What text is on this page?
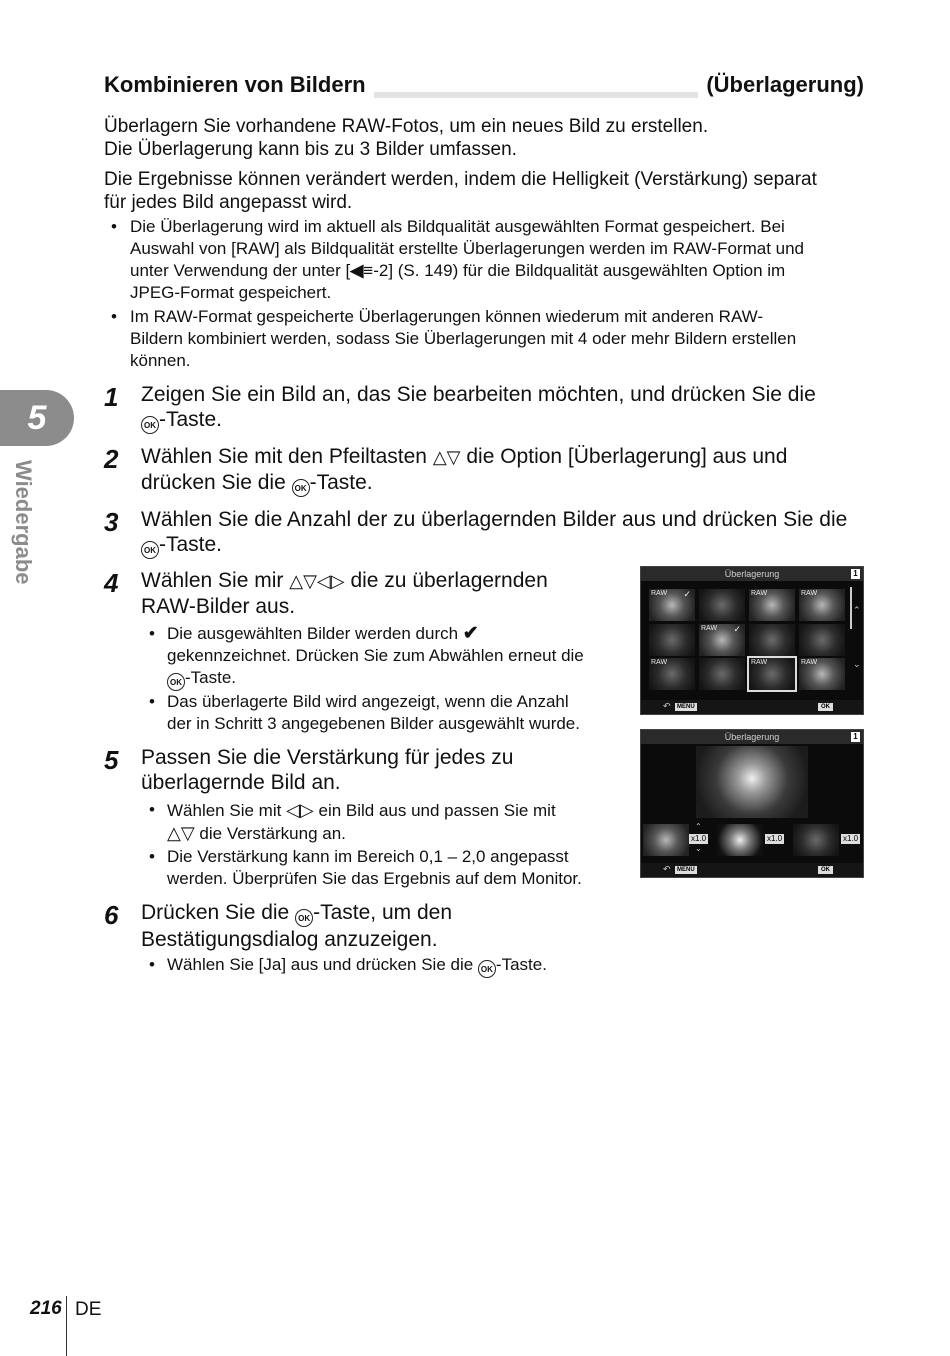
Kombinieren von Bildern	(Überlagerung)
Überlagern Sie vorhandene RAW-Fotos, um ein neues Bild zu erstellen.
Die Überlagerung kann bis zu 3 Bilder umfassen.
Die Ergebnisse können verändert werden, indem die Helligkeit (Verstärkung) separat
für jedes Bild angepasst wird.
• Die Überlagerung wird im aktuell als Bildqualität ausgewählten Format gespeichert. Bei
Auswahl von [RAW] als Bildqualität erstellte Überlagerungen werden im RAW-Format und
unter Verwendung der unter [◀≡-2] (S. 149) für die Bildqualität ausgewählten Option im
JPEG-Format gespeichert.
• Im RAW-Format gespeicherte Überlagerungen können wiederum mit anderen RAW-
Bildern kombiniert werden, sodass Sie Überlagerungen mit 4 oder mehr Bildern erstellen
können.
5
Wiedergabe
1 Zeigen Sie ein Bild an, das Sie bearbeiten möchten, und drücken Sie die
OK -Taste.
2 Wählen Sie mit den Pfeiltasten △▽ die Option [Überlagerung] aus und
drücken Sie die OK -Taste.
3 Wählen Sie die Anzahl der zu überlagernden Bilder aus und drücken Sie die
OK -Taste.
4 Wählen Sie mir △▽◁▷ die zu überlagernden
RAW-Bilder aus.
• Die ausgewählten Bilder werden durch ✔
gekennzeichnet. Drücken Sie zum Abwählen erneut die
OK -Taste.
• Das überlagerte Bild wird angezeigt, wenn die Anzahl
der in Schritt 3 angegebenen Bilder ausgewählt wurde.
Überlagerung	1
RAW ✓	RAW	RAW
RAW ✓
RAW	RAW	RAW
⌃
⌄
↶	MENU	OK
5 Passen Sie die Verstärkung für jedes zu
überlagernde Bild an.
• Wählen Sie mit ◁▷ ein Bild aus und passen Sie mit
△▽ die Verstärkung an.
• Die Verstärkung kann im Bereich 0,1 – 2,0 angepasst
werden. Überprüfen Sie das Ergebnis auf dem Monitor.
Überlagerung	1
x1.0
⌃
⌄
x1.0	x1.0
↶	MENU	OK
6 Drücken Sie die OK -Taste, um den
Bestätigungsdialog anzuzeigen.
• Wählen Sie [Ja] aus und drücken Sie die OK -Taste.
216 DE
